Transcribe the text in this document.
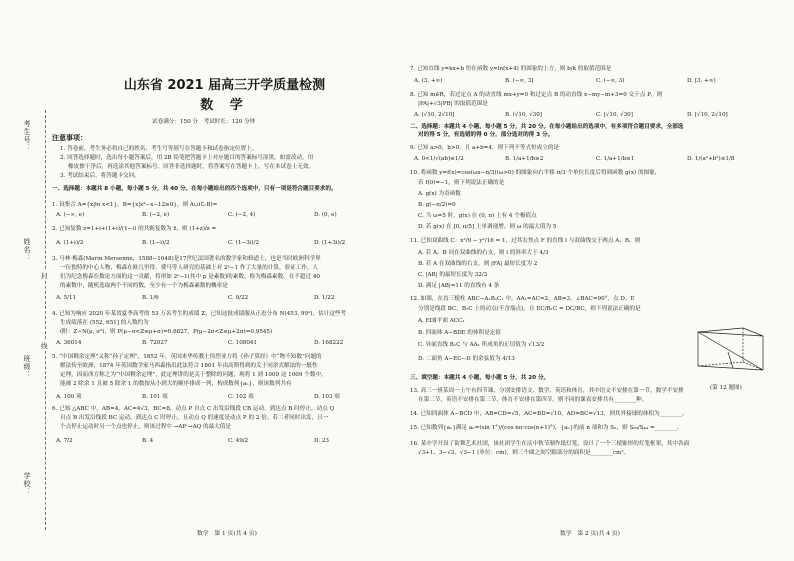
考生号：
姓名：
班级：
学校：
封
线
山东省 2021 届高三开学质量检测
数 学
试卷满分：150 分　考试时长：120 分钟
注意事项：
1. 答卷前，考生务必将自己的姓名、考生号等填写在答题卡和试卷指定位置上。
2. 回答选择题时，选出每小题答案后，用 2B 铅笔把答题卡上对应题目的答案标号涂黑。如需改动，用
橡皮擦干净后，再选涂其他答案标号。回答非选择题时，将答案写在答题卡上，写在本试卷上无效。
3. 考试结束后，将答题卡交回。
一、选择题：本题共 8 小题，每小题 5 分，共 40 分。在每小题给出的四个选项中，只有一项是符合题目要求的。
1. 设集合 A={x|ln x<1}，B={x|x²−x−12≥0}，则 A∪(∁ᵣB)=
A. (−∞, e)	B. (−2, e)	C. (−2, 4)	D. (0, e)
2. 已知复数 z=1+i+(1+i)/(1−i) 的共轭复数为 z̄，则 (1+z)/z =
A. (1+i)/2	B. (1−i)/2	C. (1−3i)/2	D. (1+3i)/2
3. 马林·梅森(Marin Mersenne，1588−1648)是17世纪法国著名的数学家和修道士，也是当时欧洲科学界
一位独特的中心人物，梅森在欧几里得、费马等人研究的基础上对 2ᵖ−1 作了大量的计算，验证工作，人
们为纪念梅森在数论方面的这一贡献，将形如 2ᵖ−1(其中 p 是素数)的素数，称为梅森素数，在不超过 40
的素数中，随机选取两个不同的数，至少有一个为梅森素数的概率是
A. 5/11	B. 1/6	C. 9/22	D. 1/22
4. 已知为响应 2020 年某省夏季高考的 53 万名考生的成绩 Z，已知这批成绩服从正态分布 N(453, 99²)，估计这些考
生成绩落在 (552, 651] 的人数约为
(附：Z∼N(μ, σ²)，则 P(μ−σ<Z≤μ+σ)=0.6827，P(μ−2σ<Z≤μ+2σ)=0.9545)
A. 36014	B. 72027	C. 108041	D. 168222
5. “中国剩余定理”又称“孙子定理”，1852 年，英国来华传教士伟烈亚力将《孙子算经》中“物不知数”问题的
解法传至欧洲，1874 年英国数学家马西森指出此法符合 1801 年由高斯得到的关于同余式解法的一般性
定理，因而西方称之为“中国剩余定理”，此定理讲的是关于整除的问题，现将 1 到 1009 这 1009 个数中，
能被 2 除余 1 且被 5 除余 1 的数按从小到大的顺序排成一列，构成数列{aₙ}，则该数列共有
A. 100 项	B. 101 项	C. 102 项	D. 103 项
6. 已知 △ABC 中，AB=4，AC=4√3，BC=8，动点 P 自点 C 出发沿线段 CB 运动，到达点 B 时停止，动点 Q
自点 B 出发沿线段 BC 运动，到达点 C 时停止，且动点 Q 的速度是动点 P 的 2 倍。若二者同时出发，且一
个点停止运动时另一个点也停止，则该过程中 →AP·→AQ 的最大值是
A. 7/2	B. 4	C. 49/2	D. 23
数学　第 1 页(共 4 页)
7. 已知直线 y=kx+b 恒在函数 y=ln(x+4) 的图象的上方，则 b/k 的取值范围是
A. (3, +∞)	B. (−∞, 3]	C. (−∞, 3)	D. [3, +∞)
8. 已知 m∈R，若过定点 A 的动直线 mx+y=0 和过定点 B 的动直线 x−my−m+3=0 交于点 P，则
|PA|+√3|PB| 的取值范围是
A. (√10, 2√10]	B. (√10, √30]	C. [√10, √30]	D. [√10, 2√10]
二、选择题：本题共 4 小题，每小题 5 分，共 20 分。在每小题给出的选项中，有多项符合题目要求，全部选
对的得 5 分，有选错的得 0 分，部分选对的得 3 分。
9. 已知 a>0，b>0，且 a+b=4，则下列不等式恒成立的是
A. 0<1/√(ab)≤1/2	B. 1/a+1/b≥2	C. 1/a+1/b≥1	D. 1/(a²+b²)≤1/8
10. 将函数 y=f(x)=cos(ωx−π/3)(ω>0) 的图象向右平移 π/3 个单位长度后得到函数 g(x) 的图象，
若 f(0)=−1，则下列说法正确的是
A. g(x) 为奇函数
B. g(−π/2)=0
C. 当 ω=5 时，g(x) 在 (0, π) 上有 4 个极值点
D. 若 g(x) 在 [0, π/5] 上单调递增，则 ω 的最大值为 5
11. 已知双曲线 C：x²/9 − y²/16 = 1，过其右焦点 F 的直线 l 与双曲线交于两点 A、B，则
A. 若 A、B 同在双曲线的右支，则 l 的斜率大于 4/3
B. 若 A 在双曲线的右支，则 |FA| 最短长度为 2
C. |AB| 的最短长度为 32/3
D. 满足 |AB|=11 的直线有 4 条
12. 如图，在直三棱柱 ABC−A₁B₁C₁ 中，AA₁=AC=2，AB=3，∠BAC=90°，点 D、E
分别是线段 BC，B₁C 上的动点(不含端点)，且 EC/B₁C = DC/BC，则下列说法正确的是
A. ED∥平面 ACC₁
B. 四面体 A−BDE 的体积是定值
C. 异面直线 B₁C 与 AA₁ 所成角的正切值为 √13/2
D. 二面角 A−EC−D 的余弦值为 4/13
(第 12 题图)
三、填空题：本题共 4 小题，每小题 5 分，共 20 分。
13. 高三一班某周一上午有四节课，分别安排语文、数学、英语和体育，其中语文不安排在第一节，数学不安排
在第二节，英语不安排在第三节，体育不安排在第四节，则不同的课表安排共有________种。
14. 已知四面体 A−BCD 中，AB=CD=√5，AC=BD=√10，AD=BC=√13，则其外接球的体积为________。
15. 已知数列{aₙ}满足 aₙ=(sin 1°)/(cos nπ·cos(n+1)°)，{aₙ}的前 n 项和为 Sₙ，则 S₈₉/S₄₄ =________。
16. 某中学开设了街舞艺术社团，该社团学生在庆中秋节制作纸灯笼，设计了一个三棱锥形的灯笼框架，其中各面
√3+1、3−√3、√3−1 (单位：cm)，则三个圆之间空隙部分的面积是________cm²。
数学　第 2 页(共 4 页)
